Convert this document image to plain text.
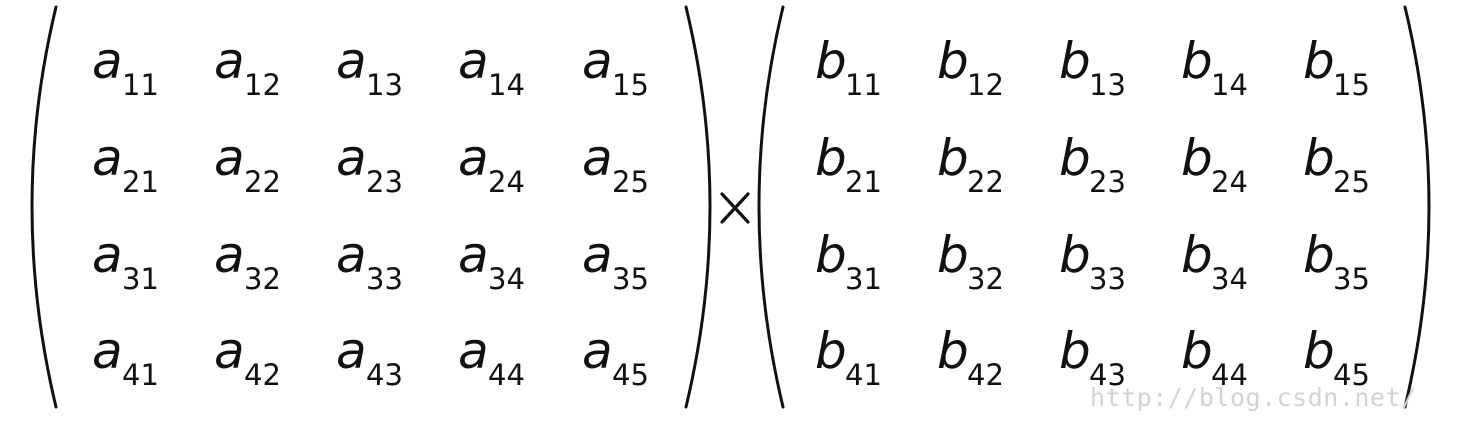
a 11 a 12 a 13 a 14 a 15
a 21 a 22 a 23 a 24 a 25
a 31 a 32 a 33 a 34 a 35
a 41 a 42 a 43 a 44 a 45
b
11 b
12 b
13 b
14 b
15
b
21 b
22 b
23 b
24 b
25
b
31 b
32 b
33 b
34 b
35
b
41 b
42 b
43 b
44 b
45
http://blog.csdn.net/
